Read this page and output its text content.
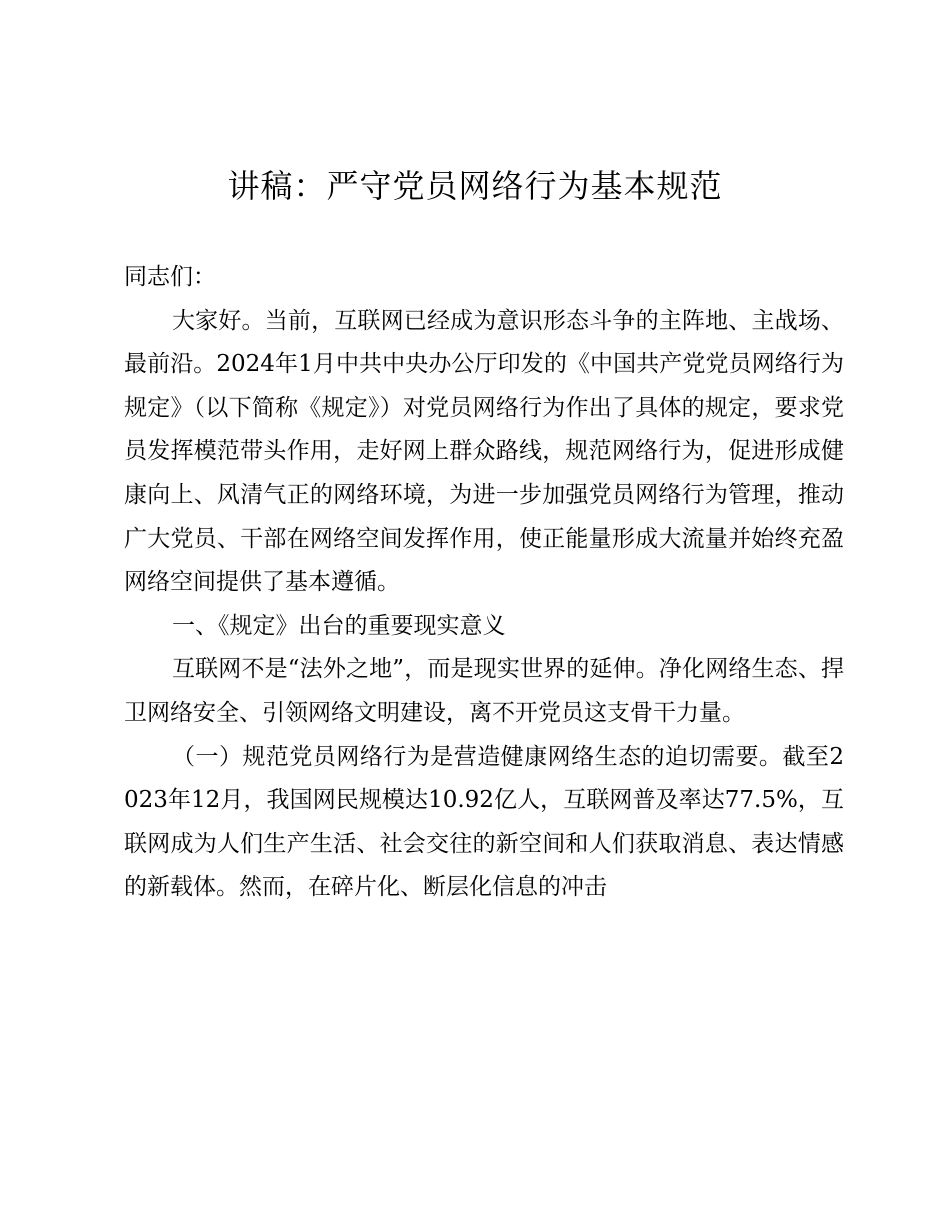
讲稿：严守党员网络行为基本规范

同志们：

大家好。当前，互联网已经成为意识形态斗争的主阵地、主战场、最前沿。2024年1月中共中央办公厅印发的《中国共产党党员网络行为规定》（以下简称《规定》）对党员网络行为作出了具体的规定，要求党员发挥模范带头作用，走好网上群众路线，规范网络行为，促进形成健康向上、风清气正的网络环境，为进一步加强党员网络行为管理，推动广大党员、干部在网络空间发挥作用，使正能量形成大流量并始终充盈网络空间提供了基本遵循。

一、《规定》出台的重要现实意义

互联网不是“法外之地”，而是现实世界的延伸。净化网络生态、捍卫网络安全、引领网络文明建设，离不开党员这支骨干力量。

（一）规范党员网络行为是营造健康网络生态的迫切需要。截至2023年12月，我国网民规模达10.92亿人，互联网普及率达77.5%，互联网成为人们生产生活、社会交往的新空间和人们获取消息、表达情感的新载体。然而，在碎片化、断层化信息的冲击
